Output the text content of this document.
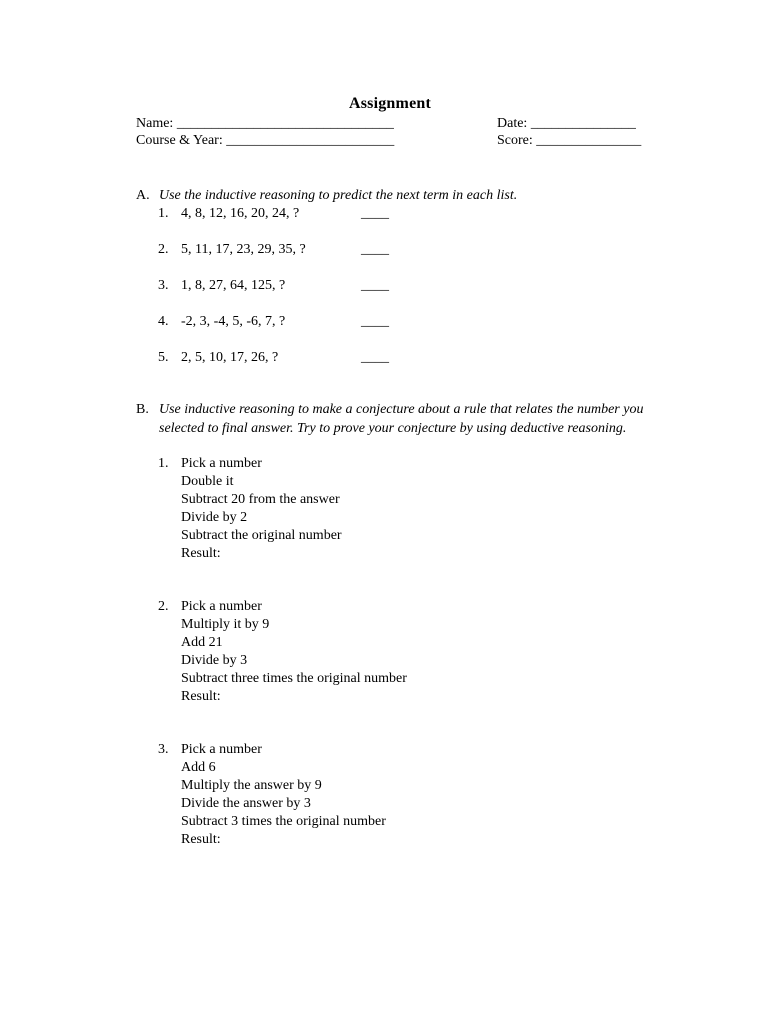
Assignment
Name: _______________________________
Course & Year: ________________________
Date: _______________
Score: _______________
A. Use the inductive reasoning to predict the next term in each list.
1. 4, 8, 12, 16, 20, 24, ?	____
2. 5, 11, 17, 23, 29, 35, ?	____
3. 1, 8, 27, 64, 125, ?	____
4. -2, 3, -4, 5, -6, 7, ?	____
5. 2, 5, 10, 17, 26, ?	____
B. Use inductive reasoning to make a conjecture about a rule that relates the number you
selected to final answer. Try to prove your conjecture by using deductive reasoning.
1. Pick a number
Double it
Subtract 20 from the answer
Divide by 2
Subtract the original number
Result:
2. Pick a number
Multiply it by 9
Add 21
Divide by 3
Subtract three times the original number
Result:
3. Pick a number
Add 6
Multiply the answer by 9
Divide the answer by 3
Subtract 3 times the original number
Result:
